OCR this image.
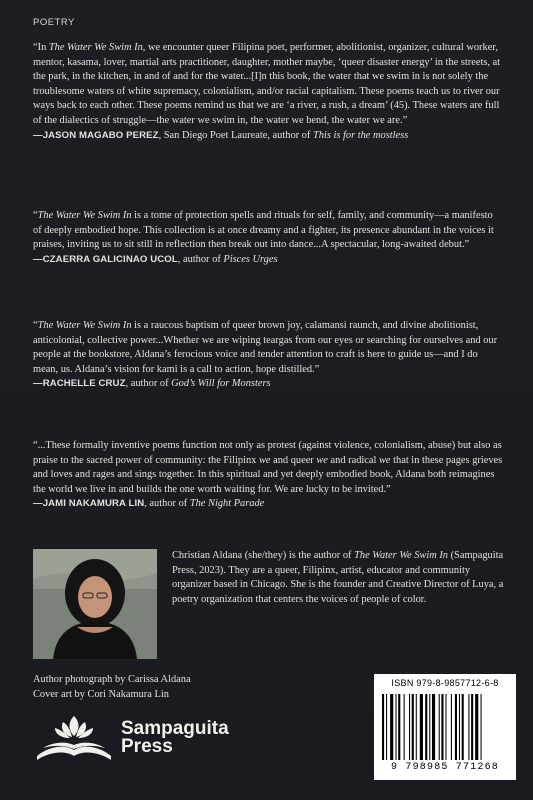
POETRY

“In The Water We Swim In, we encounter queer Filipina poet, performer, abolitionist, organizer, cultural worker, mentor, kasama, lover, martial arts practitioner, daughter, mother maybe, ‘queer disaster energy’ in the streets, at the park, in the kitchen, in and of and for the water...[I]n this book, the water that we swim in is not solely the troublesome waters of white supremacy, colonialism, and/or racial capitalism. These poems teach us to river our ways back to each other. These poems remind us that we are ‘a river, a rush, a dream’ (45). These waters are full of the dialectics of struggle—the water we swim in, the water we bend, the water we are.”

—JASON MAGABO PEREZ, San Diego Poet Laureate, author of This is for the mostless

“The Water We Swim In is a tome of protection spells and rituals for self, family, and community—a manifesto of deeply embodied hope. This collection is at once dreamy and a fighter, its presence abundant in the voices it praises, inviting us to sit still in reflection then break out into dance...A spectacular, long-awaited debut.”

—CZAERRA GALICINAO UCOL, author of Pisces Urges

“The Water We Swim In is a raucous baptism of queer brown joy, calamansi raunch, and divine abolitionist, anticolonial, collective power...Whether we are wiping teargas from our eyes or searching for ourselves and our people at the bookstore, Aldana’s ferocious voice and tender attention to craft is here to guide us—and I do mean, us. Aldana’s vision for kami is a call to action, hope distilled.”

—RACHELLE CRUZ, author of God’s Will for Monsters

“...These formally inventive poems function not only as protest (against violence, colonialism, abuse) but also as praise to the sacred power of community: the Filipinx we and queer we and radical we that in these pages grieves and loves and rages and sings together. In this spiritual and yet deeply embodied book, Aldana both reimagines the world we live in and builds the one worth waiting for. We are lucky to be invited.”

—JAMI NAKAMURA LIN, author of The Night Parade

Christian Aldana (she/they) is the author of The Water We Swim In (Sampaguita Press, 2023). They are a queer, Filipinx, artist, educator and community organizer based in Chicago. She is the founder and Creative Director of Luya, a poetry organization that centers the voices of people of color.
Author photograph by Carissa Aldana
Cover art by Cori Nakamura Lin
Sampaguita
Press
ISBN 979-8-9857712-6-8
9 798985 771268
